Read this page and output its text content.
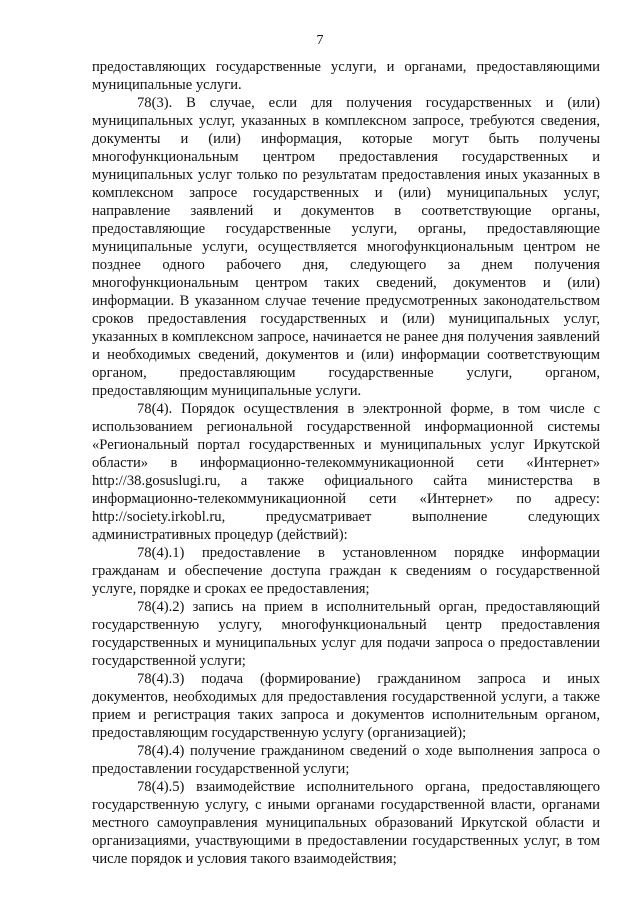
7

предоставляющих государственные услуги, и органами, предоставляющими муниципальные услуги.

78(3). В случае, если для получения государственных и (или) муниципальных услуг, указанных в комплексном запросе, требуются сведения, документы и (или) информация, которые могут быть получены многофункциональным центром предоставления государственных и муниципальных услуг только по результатам предоставления иных указанных в комплексном запросе государственных и (или) муниципальных услуг, направление заявлений и документов в соответствующие органы, предоставляющие государственные услуги, органы, предоставляющие муниципальные услуги, осуществляется многофункциональным центром не позднее одного рабочего дня, следующего за днем получения многофункциональным центром таких сведений, документов и (или) информации. В указанном случае течение предусмотренных законодательством сроков предоставления государственных и (или) муниципальных услуг, указанных в комплексном запросе, начинается не ранее дня получения заявлений и необходимых сведений, документов и (или) информации соответствующим органом, предоставляющим государственные услуги, органом, предоставляющим муниципальные услуги.

78(4). Порядок осуществления в электронной форме, в том числе с использованием региональной государственной информационной системы «Региональный портал государственных и муниципальных услуг Иркутской области» в информационно-телекоммуникационной сети «Интернет» http://38.gosuslugi.ru, а также официального сайта министерства в информационно-телекоммуникационной сети «Интернет» по адресу: http://society.irkobl.ru, предусматривает выполнение следующих административных процедур (действий):

78(4).1) предоставление в установленном порядке информации гражданам и обеспечение доступа граждан к сведениям о государственной услуге, порядке и сроках ее предоставления;

78(4).2) запись на прием в исполнительный орган, предоставляющий государственную услугу, многофункциональный центр предоставления государственных и муниципальных услуг для подачи запроса о предоставлении государственной услуги;

78(4).3) подача (формирование) гражданином запроса и иных документов, необходимых для предоставления государственной услуги, а также прием и регистрация таких запроса и документов исполнительным органом, предоставляющим государственную услугу (организацией);

78(4).4) получение гражданином сведений о ходе выполнения запроса о предоставлении государственной услуги;

78(4).5) взаимодействие исполнительного органа, предоставляющего государственную услугу, с иными органами государственной власти, органами местного самоуправления муниципальных образований Иркутской области и организациями, участвующими в предоставлении государственных услуг, в том числе порядок и условия такого взаимодействия;
